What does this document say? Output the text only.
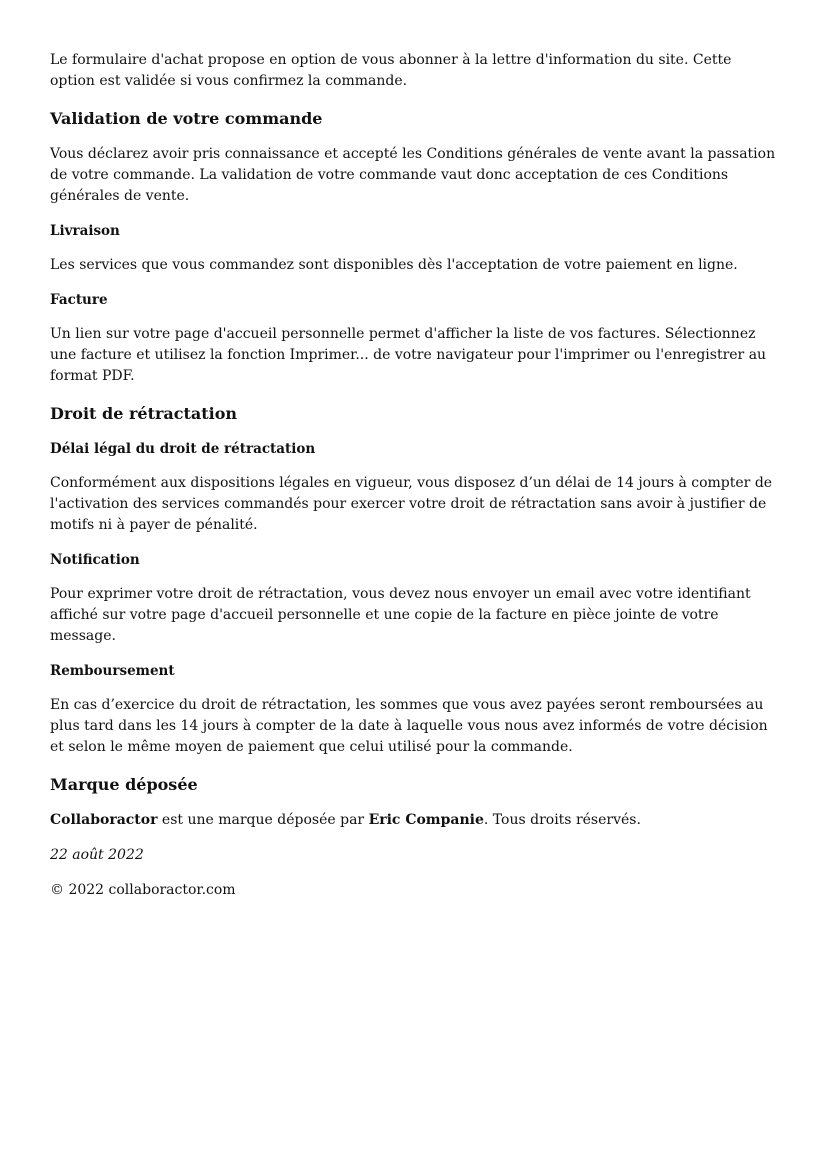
Le formulaire d'achat propose en option de vous abonner à la lettre d'information du site. Cette option est validée si vous confirmez la commande.

Validation de votre commande

Vous déclarez avoir pris connaissance et accepté les Conditions générales de vente avant la passation de votre commande. La validation de votre commande vaut donc acceptation de ces Conditions générales de vente.

Livraison

Les services que vous commandez sont disponibles dès l'acceptation de votre paiement en ligne.

Facture

Un lien sur votre page d'accueil personnelle permet d'afficher la liste de vos factures. Sélectionnez une facture et utilisez la fonction Imprimer... de votre navigateur pour l'imprimer ou l'enregistrer au format PDF.

Droit de rétractation
Délai légal du droit de rétractation

Conformément aux dispositions légales en vigueur, vous disposez d’un délai de 14 jours à compter de l'activation des services commandés pour exercer votre droit de rétractation sans avoir à justifier de motifs ni à payer de pénalité.

Notification

Pour exprimer votre droit de rétractation, vous devez nous envoyer un email avec votre identifiant affiché sur votre page d'accueil personnelle et une copie de la facture en pièce jointe de votre message.

Remboursement

En cas d’exercice du droit de rétractation, les sommes que vous avez payées seront remboursées au plus tard dans les 14 jours à compter de la date à laquelle vous nous avez informés de votre décision et selon le même moyen de paiement que celui utilisé pour la commande.

Marque déposée

Collaboractor est une marque déposée par Eric Companie. Tous droits réservés.

22 août 2022

© 2022 collaboractor.com
